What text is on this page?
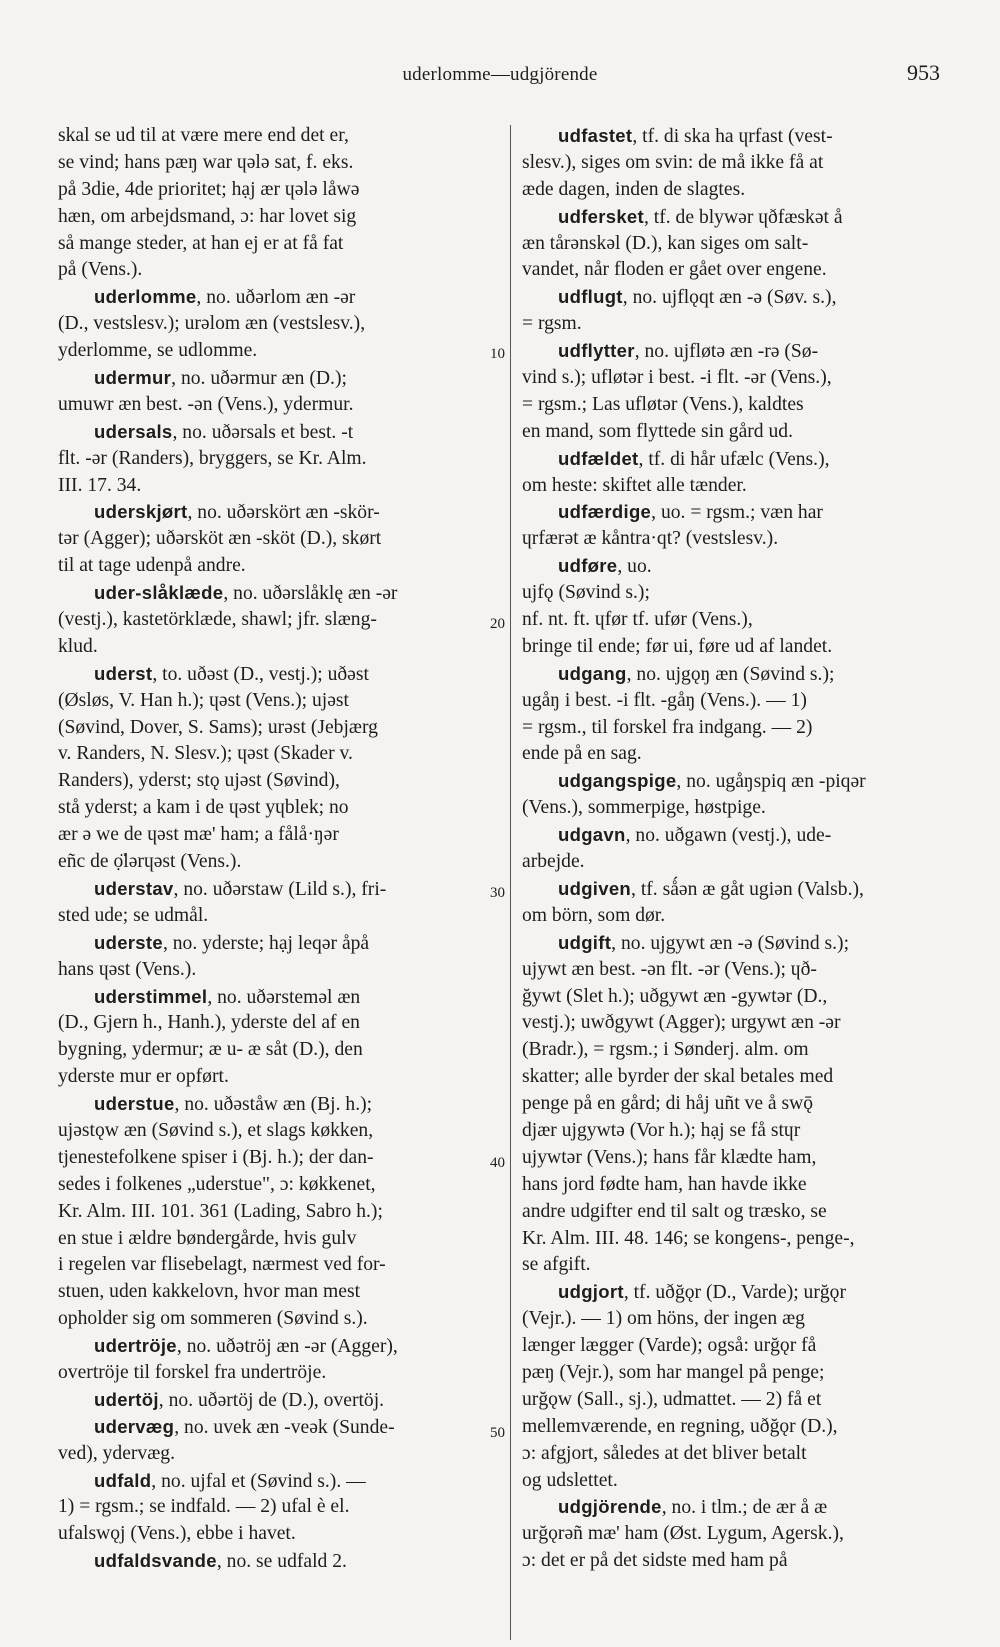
uderlomme—udgjörende	953
skal se ud til at være mere end det er,
se vind; hans pæŋ war ɥələ sat, f. eks.
på 3die, 4de prioritet; hạj ær ɥələ låwə
hæn, om arbejdsmand, ɔ: har lovet sig
så mange steder, at han ej er at få fat
på (Vens.).
uderlomme, no. uðərlom æn -ər
(D., vestslesv.); urəlom æn (vestslesv.),
yderlomme, se udlomme.
udermur, no. uðərmur æn (D.);
umuwr æn best. -ən (Vens.), ydermur.
udersals, no. uðərsals et best. -t
flt. -ər (Randers), bryggers, se Kr. Alm.
III. 17. 34.
uderskjørt, no. uðərskört æn -skör-
tər (Agger); uðərsköt æn -sköt (D.), skørt
til at tage udenpå andre.
uder-slåklæde, no. uðərslåklę æn -ər
(vestj.), kastetörklæde, shawl; jfr. slæng-
klud.
uderst, to. uðəst (D., vestj.); uðəst
(Øsløs, V. Han h.); ɥəst (Vens.); ujəst
(Søvind, Dover, S. Sams); urəst (Jebjærg
v. Randers, N. Slesv.); ɥəst (Skader v.
Randers), yderst; stǫ ujəst (Søvind),
stå yderst; a kam i de ɥəst yɥblek; no
ær ə we de ɥəst mæ' ham; a fålå·ŋər
eñc de ọ̈lərɥəst (Vens.).
uderstav, no. uðərstaw (Lild s.), fri-
sted ude; se udmål.
uderste, no. yderste; hạj leqər åpå
hans ɥəst (Vens.).
uderstimmel, no. uðərstemǝl æn
(D., Gjern h., Hanh.), yderste del af en
bygning, ydermur; æ u- æ såt (D.), den
yderste mur er opført.
uderstue, no. uðəståw æn (Bj. h.);
ujəstǫw æn (Søvind s.), et slags køkken,
tjenestefolkene spiser i (Bj. h.); der dan-
sedes i folkenes „uderstue", ɔ: køkkenet,
Kr. Alm. III. 101. 361 (Lading, Sabro h.);
en stue i ældre bøndergårde, hvis gulv
i regelen var flisebelagt, nærmest ved for-
stuen, uden kakkelovn, hvor man mest
opholder sig om sommeren (Søvind s.).
udertröje, no. uðətröj æn -ər (Agger),
overtröje til forskel fra undertröje.
udertöj, no. uðərtöj de (D.), overtöj.
udervæg, no. uvek æn -veək (Sunde-
ved), ydervæg.
udfald, no. ujfal et (Søvind s.). —
1) = rgsm.; se indfald. — 2) ufal è el.
ufalswǫj (Vens.), ebbe i havet.
udfaldsvande, no. se udfald 2.
udfastet, tf. di ska ha ɥrfast (vest-
slesv.), siges om svin: de må ikke få at
æde dagen, inden de slagtes.
udfersket, tf. de blywər ɥðfæskət å
æn tårənskəl (D.), kan siges om salt-
vandet, når floden er gået over engene.
udflugt, no. ujflǫqt æn -ə (Søv. s.),
= rgsm.
udflytter, no. ujfløtə æn -rə (Sø-
vind s.); ufløtər i best. -i flt. -ər (Vens.),
= rgsm.; Las ufløtər (Vens.), kaldtes
en mand, som flyttede sin gård ud.
udfældet, tf. di hår ufælc (Vens.),
om heste: skiftet alle tænder.
udfærdige, uo. = rgsm.; væn har
ɥrfærət æ kåntra·qt? (vestslesv.).
udføre, uo.
ujfǫ (Søvind s.);
nf. nt. ft. ɥfør tf. ufør (Vens.),
bringe til ende; før ui, føre ud af landet.
udgang, no. ujgǫŋ æn (Søvind s.);
ugåŋ i best. -i flt. -gåŋ (Vens.). — 1)
= rgsm., til forskel fra indgang. — 2)
ende på en sag.
udgangspige, no. ugåŋspiq æn -piqər
(Vens.), sommerpige, høstpige.
udgavn, no. uðgawn (vestj.), ude-
arbejde.
udgiven, tf. sǻən æ gåt ugiən (Valsb.),
om börn, som dør.
udgift, no. ujgywt æn -ə (Søvind s.);
ujywt æn best. -ən flt. -ər (Vens.); ɥð-
ğywt (Slet h.); uðgywt æn -gywtər (D.,
vestj.); uwðgywt (Agger); urgywt æn -ər
(Bradr.), = rgsm.; i Sønderj. alm. om
skatter; alle byrder der skal betales med
penge på en gård; di håj uñt ve å swǭ
djær ujgywtə (Vor h.); hạj se få stɥr
ujywtər (Vens.); hans får klædte ham,
hans jord fødte ham, han havde ikke
andre udgifter end til salt og træsko, se
Kr. Alm. III. 48. 146; se kongens-, penge-,
se afgift.
udgjort, tf. uðğǫr (D., Varde); urğǫr
(Vejr.). — 1) om höns, der ingen æg
længer lægger (Varde); også: urğǫr få
pæŋ (Vejr.), som har mangel på penge;
urğǫw (Sall., sj.), udmattet. — 2) få et
mellemværende, en regning, uðğǫr (D.),
ɔ: afgjort, således at det bliver betalt
og udslettet.
udgjörende, no. i tlm.; de ær å æ
urğǫrəñ mæ' ham (Øst. Lygum, Agersk.),
ɔ: det er på det sidste med ham på
10
20
30
40
50
